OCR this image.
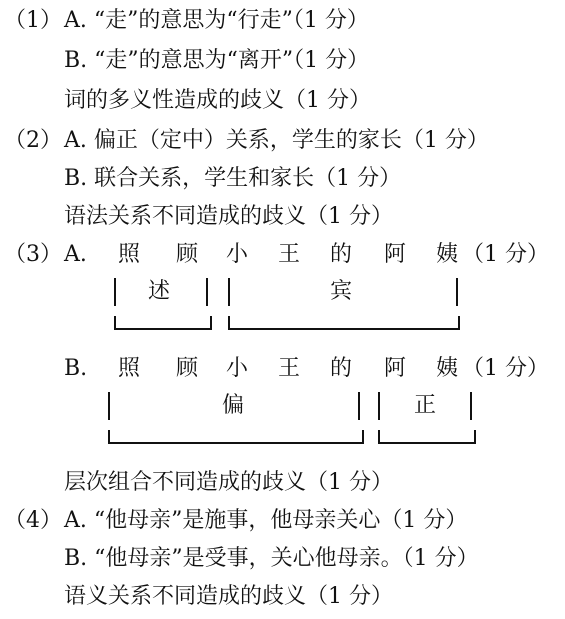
（1） A. “走”的意思为“行走”（1 分）
B. “走”的意思为“离开”（1 分）
词的多义性造成的歧义（1 分）
（2） A. 偏正（定中）关系，学生的家长（1 分）
B. 联合关系，学生和家长（1 分）
语法关系不同造成的歧义（1 分）
（3） A. 照 顾 小 王 的 阿 姨 （1 分）
述	宾
B. 照 顾 小 王 的 阿 姨 （1 分）
偏	正
层次组合不同造成的歧义（1 分）
（4） A. “他母亲”是施事，他母亲关心（1 分）
B. “他母亲”是受事，关心他母亲。（1 分）
语义关系不同造成的歧义（1 分）
